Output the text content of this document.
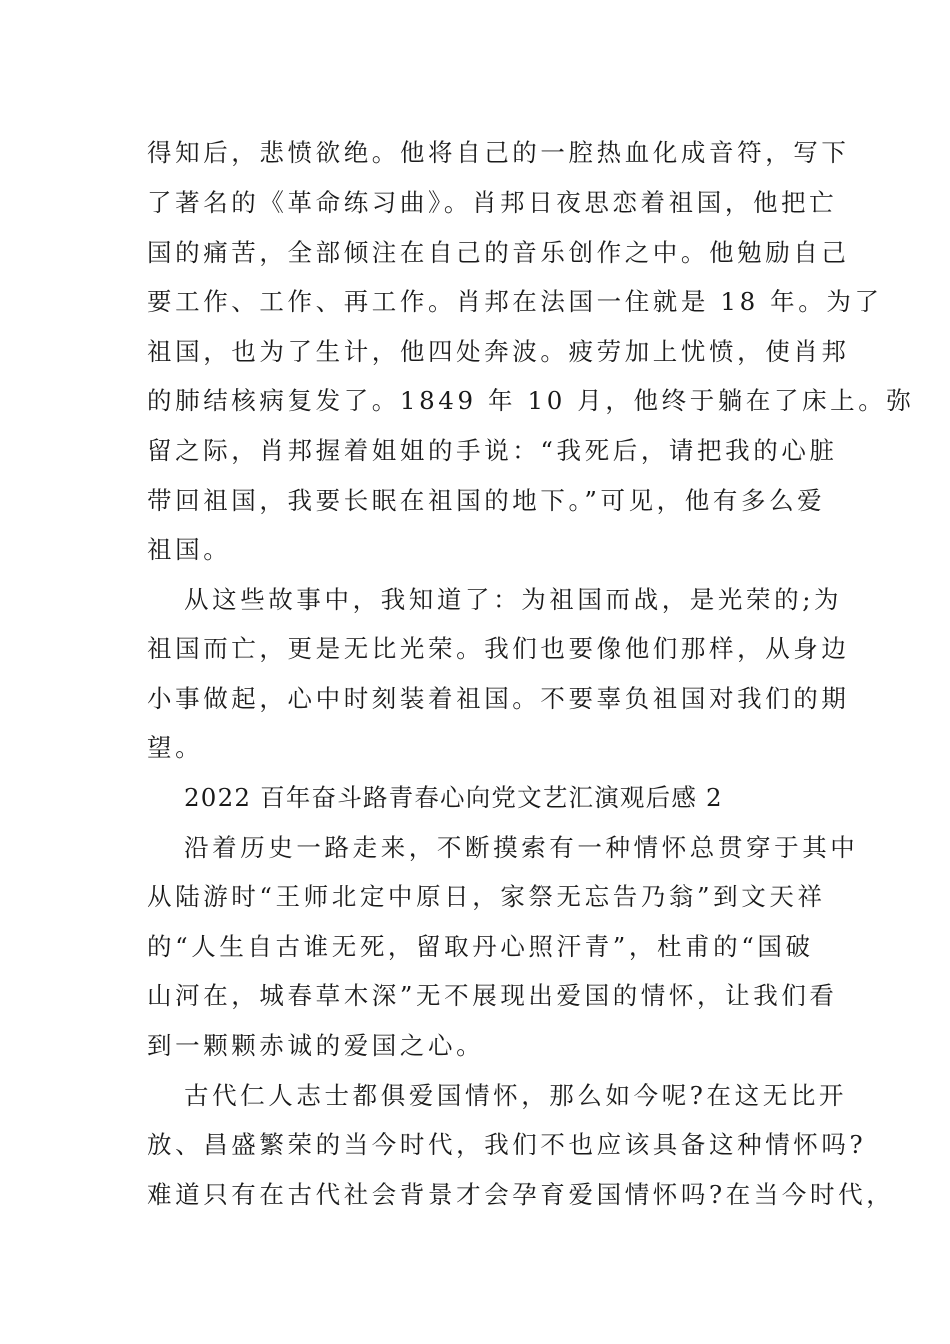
得知后，悲愤欲绝。他将自己的一腔热血化成音符，写下
了著名的《革命练习曲》。肖邦日夜思恋着祖国，他把亡
国的痛苦，全部倾注在自己的音乐创作之中。他勉励自己
要工作、工作、再工作。肖邦在法国一住就是 18 年。为了
祖国，也为了生计，他四处奔波。疲劳加上忧愤，使肖邦
的肺结核病复发了。1849 年 10 月，他终于躺在了床上。弥
留之际，肖邦握着姐姐的手说：“我死后，请把我的心脏
带回祖国，我要长眠在祖国的地下。”可见，他有多么爱
祖国。
从这些故事中，我知道了：为祖国而战，是光荣的;为
祖国而亡，更是无比光荣。我们也要像他们那样，从身边
小事做起，心中时刻装着祖国。不要辜负祖国对我们的期
望。
2022 百年奋斗路青春心向党文艺汇演观后感 2
沿着历史一路走来，不断摸索有一种情怀总贯穿于其中
从陆游时“王师北定中原日，家祭无忘告乃翁”到文天祥
的“人生自古谁无死，留取丹心照汗青”，杜甫的“国破
山河在，城春草木深”无不展现出爱国的情怀，让我们看
到一颗颗赤诚的爱国之心。
古代仁人志士都俱爱国情怀，那么如今呢?在这无比开
放、昌盛繁荣的当今时代，我们不也应该具备这种情怀吗?
难道只有在古代社会背景才会孕育爱国情怀吗?在当今时代，
